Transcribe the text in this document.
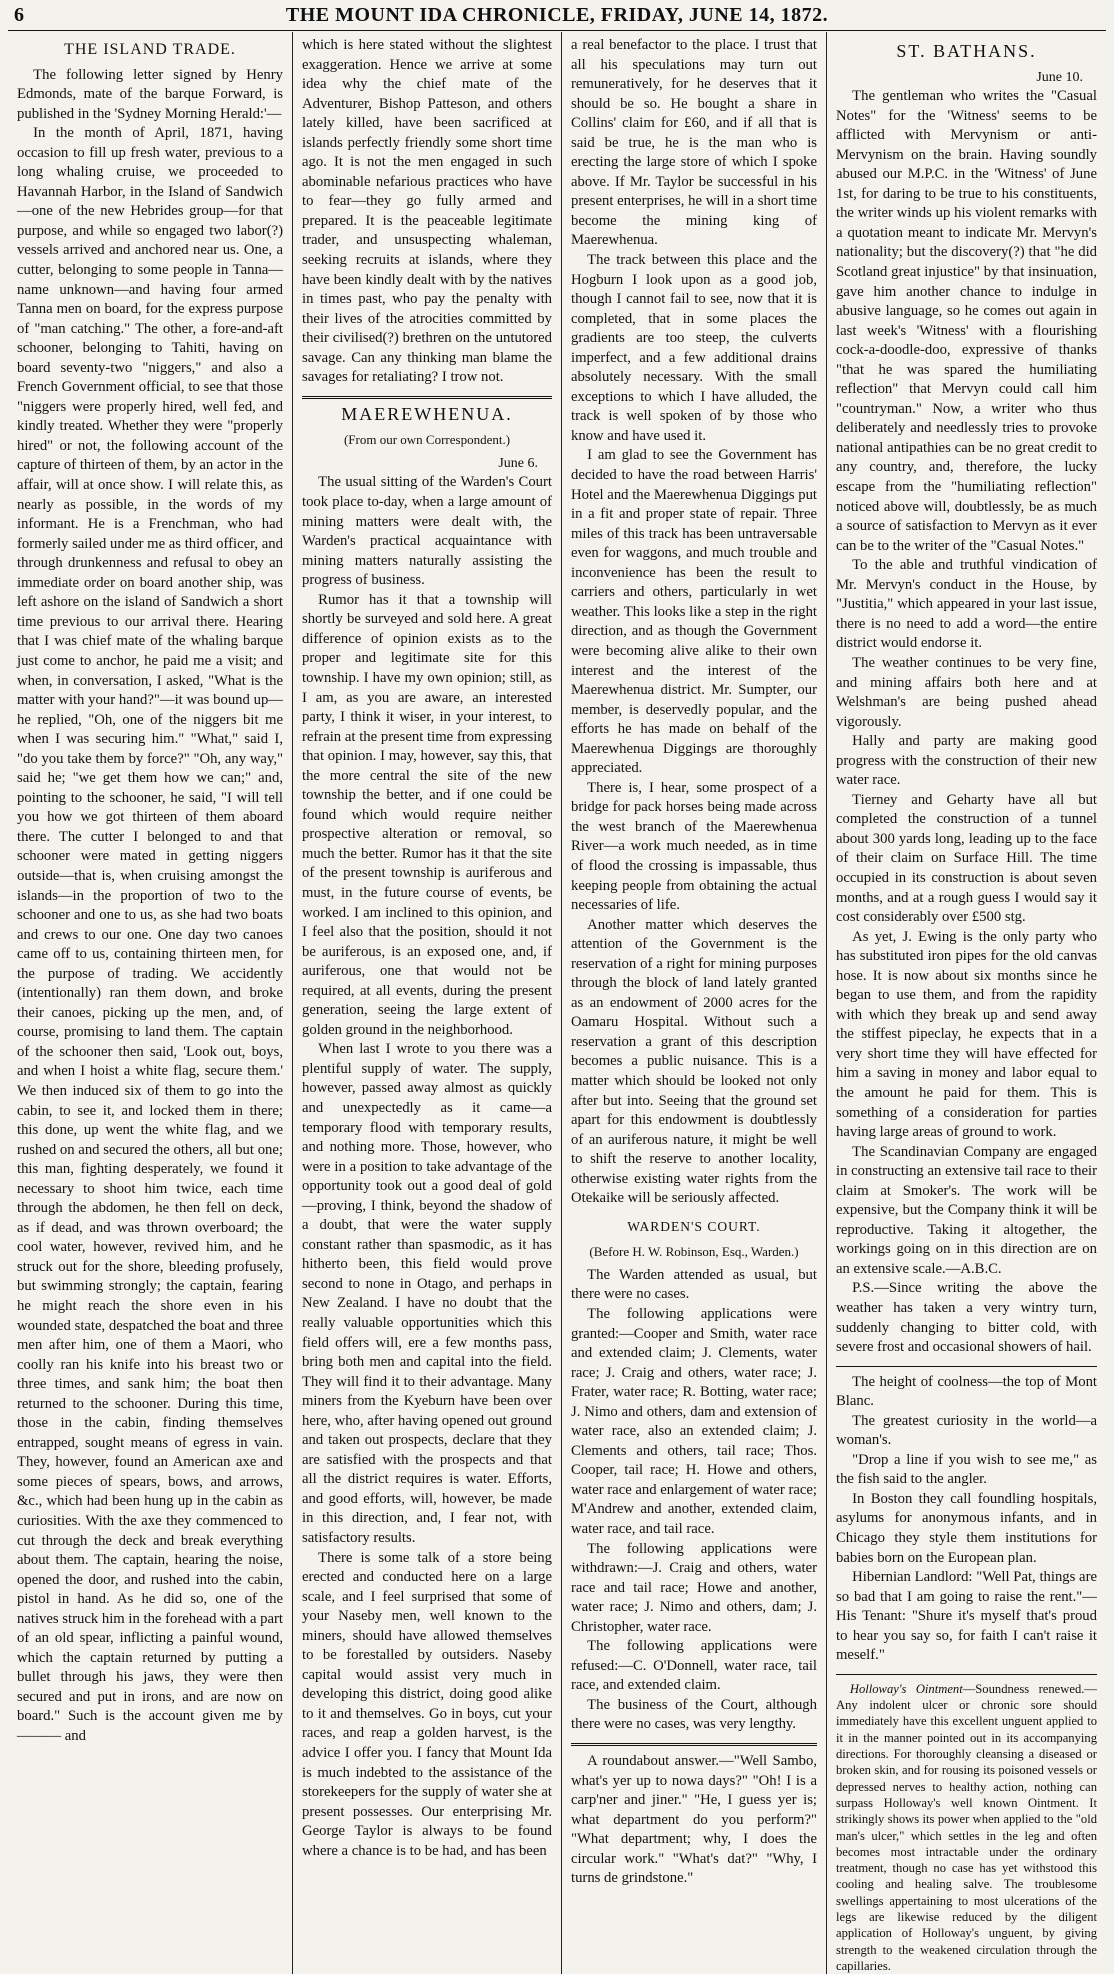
6	THE MOUNT IDA CHRONICLE, FRIDAY, JUNE 14, 1872.
THE ISLAND TRADE.

The following letter signed by Henry Edmonds, mate of the barque Forward, is published in the 'Sydney Morning Herald:'—

In the month of April, 1871, having occasion to fill up fresh water, previous to a long whaling cruise, we proceeded to Havannah Harbor, in the Island of Sandwich—one of the new Hebrides group—for that purpose, and while so engaged two labor(?) vessels arrived and anchored near us. One, a cutter, belonging to some people in Tanna—name unknown—and having four armed Tanna men on board, for the express purpose of "man catching." The other, a fore-and-aft schooner, belonging to Tahiti, having on board seventy-two "niggers," and also a French Government official, to see that those "niggers were properly hired, well fed, and kindly treated. Whether they were "properly hired" or not, the following account of the capture of thirteen of them, by an actor in the affair, will at once show. I will relate this, as nearly as possible, in the words of my informant. He is a Frenchman, who had formerly sailed under me as third officer, and through drunkenness and refusal to obey an immediate order on board another ship, was left ashore on the island of Sandwich a short time previous to our arrival there. Hearing that I was chief mate of the whaling barque just come to anchor, he paid me a visit; and when, in conversation, I asked, "What is the matter with your hand?"—it was bound up—he replied, "Oh, one of the niggers bit me when I was securing him." "What," said I, "do you take them by force?" "Oh, any way," said he; "we get them how we can;" and, pointing to the schooner, he said, "I will tell you how we got thirteen of them aboard there. The cutter I belonged to and that schooner were mated in getting niggers outside—that is, when cruising amongst the islands—in the proportion of two to the schooner and one to us, as she had two boats and crews to our one. One day two canoes came off to us, containing thirteen men, for the purpose of trading. We accidently (intentionally) ran them down, and broke their canoes, picking up the men, and, of course, promising to land them. The captain of the schooner then said, 'Look out, boys, and when I hoist a white flag, secure them.' We then induced six of them to go into the cabin, to see it, and locked them in there; this done, up went the white flag, and we rushed on and secured the others, all but one; this man, fighting desperately, we found it necessary to shoot him twice, each time through the abdomen, he then fell on deck, as if dead, and was thrown overboard; the cool water, however, revived him, and he struck out for the shore, bleeding profusely, but swimming strongly; the captain, fearing he might reach the shore even in his wounded state, despatched the boat and three men after him, one of them a Maori, who coolly ran his knife into his breast two or three times, and sank him; the boat then returned to the schooner. During this time, those in the cabin, finding themselves entrapped, sought means of egress in vain. They, however, found an American axe and some pieces of spears, bows, and arrows, &c., which had been hung up in the cabin as curiosities. With the axe they commenced to cut through the deck and break everything about them. The captain, hearing the noise, opened the door, and rushed into the cabin, pistol in hand. As he did so, one of the natives struck him in the forehead with a part of an old spear, inflicting a painful wound, which the captain returned by putting a bullet through his jaws, they were then secured and put in irons, and are now on board." Such is the account given me by ——— and

which is here stated without the slightest exaggeration. Hence we arrive at some idea why the chief mate of the Adventurer, Bishop Patteson, and others lately killed, have been sacrificed at islands perfectly friendly some short time ago. It is not the men engaged in such abominable nefarious practices who have to fear—they go fully armed and prepared. It is the peaceable legitimate trader, and unsuspecting whaleman, seeking recruits at islands, where they have been kindly dealt with by the natives in times past, who pay the penalty with their lives of the atrocities committed by their civilised(?) brethren on the untutored savage. Can any thinking man blame the savages for retaliating? I trow not.

MAEREWHENUA.
(From our own Correspondent.)
June 6.

The usual sitting of the Warden's Court took place to-day, when a large amount of mining matters were dealt with, the Warden's practical acquaintance with mining matters naturally assisting the progress of business.

Rumor has it that a township will shortly be surveyed and sold here. A great difference of opinion exists as to the proper and legitimate site for this township. I have my own opinion; still, as I am, as you are aware, an interested party, I think it wiser, in your interest, to refrain at the present time from expressing that opinion. I may, however, say this, that the more central the site of the new township the better, and if one could be found which would require neither prospective alteration or removal, so much the better. Rumor has it that the site of the present township is auriferous and must, in the future course of events, be worked. I am inclined to this opinion, and I feel also that the position, should it not be auriferous, is an exposed one, and, if auriferous, one that would not be required, at all events, during the present generation, seeing the large extent of golden ground in the neighborhood.

When last I wrote to you there was a plentiful supply of water. The supply, however, passed away almost as quickly and unexpectedly as it came—a temporary flood with temporary results, and nothing more. Those, however, who were in a position to take advantage of the opportunity took out a good deal of gold—proving, I think, beyond the shadow of a doubt, that were the water supply constant rather than spasmodic, as it has hitherto been, this field would prove second to none in Otago, and perhaps in New Zealand. I have no doubt that the really valuable opportunities which this field offers will, ere a few months pass, bring both men and capital into the field. They will find it to their advantage. Many miners from the Kyeburn have been over here, who, after having opened out ground and taken out prospects, declare that they are satisfied with the prospects and that all the district requires is water. Efforts, and good efforts, will, however, be made in this direction, and, I fear not, with satisfactory results.

There is some talk of a store being erected and conducted here on a large scale, and I feel surprised that some of your Naseby men, well known to the miners, should have allowed themselves to be forestalled by outsiders. Naseby capital would assist very much in developing this district, doing good alike to it and themselves. Go in boys, cut your races, and reap a golden harvest, is the advice I offer you. I fancy that Mount Ida is much indebted to the assistance of the storekeepers for the supply of water she at present possesses. Our enterprising Mr. George Taylor is always to be found where a chance is to be had, and has been

a real benefactor to the place. I trust that all his speculations may turn out remuneratively, for he deserves that it should be so. He bought a share in Collins' claim for £60, and if all that is said be true, he is the man who is erecting the large store of which I spoke above. If Mr. Taylor be successful in his present enterprises, he will in a short time become the mining king of Maerewhenua.

The track between this place and the Hogburn I look upon as a good job, though I cannot fail to see, now that it is completed, that in some places the gradients are too steep, the culverts imperfect, and a few additional drains absolutely necessary. With the small exceptions to which I have alluded, the track is well spoken of by those who know and have used it.

I am glad to see the Government has decided to have the road between Harris' Hotel and the Maerewhenua Diggings put in a fit and proper state of repair. Three miles of this track has been untraversable even for waggons, and much trouble and inconvenience has been the result to carriers and others, particularly in wet weather. This looks like a step in the right direction, and as though the Government were becoming alive alike to their own interest and the interest of the Maerewhenua district. Mr. Sumpter, our member, is deservedly popular, and the efforts he has made on behalf of the Maerewhenua Diggings are thoroughly appreciated.

There is, I hear, some prospect of a bridge for pack horses being made across the west branch of the Maerewhenua River—a work much needed, as in time of flood the crossing is impassable, thus keeping people from obtaining the actual necessaries of life.

Another matter which deserves the attention of the Government is the reservation of a right for mining purposes through the block of land lately granted as an endowment of 2000 acres for the Oamaru Hospital. Without such a reservation a grant of this description becomes a public nuisance. This is a matter which should be looked not only after but into. Seeing that the ground set apart for this endowment is doubtlessly of an auriferous nature, it might be well to shift the reserve to another locality, otherwise existing water rights from the Otekaike will be seriously affected.

WARDEN'S COURT.
(Before H. W. Robinson, Esq., Warden.)

The Warden attended as usual, but there were no cases.

The following applications were granted:—Cooper and Smith, water race and extended claim; J. Clements, water race; J. Craig and others, water race; J. Frater, water race; R. Botting, water race; J. Nimo and others, dam and extension of water race, also an extended claim; J. Clements and others, tail race; Thos. Cooper, tail race; H. Howe and others, water race and enlargement of water race; M'Andrew and another, extended claim, water race, and tail race.

The following applications were withdrawn:—J. Craig and others, water race and tail race; Howe and another, water race; J. Nimo and others, dam; J. Christopher, water race.

The following applications were refused:—C. O'Donnell, water race, tail race, and extended claim.

The business of the Court, although there were no cases, was very lengthy.

A roundabout answer.—"Well Sambo, what's yer up to nowa days?" "Oh! I is a carp'ner and jiner." "He, I guess yer is; what department do you perform?" "What department; why, I does the circular work." "What's dat?" "Why, I turns de grindstone."

ST. BATHANS.
June 10.

The gentleman who writes the "Casual Notes" for the 'Witness' seems to be afflicted with Mervynism or anti-Mervynism on the brain. Having soundly abused our M.P.C. in the 'Witness' of June 1st, for daring to be true to his constituents, the writer winds up his violent remarks with a quotation meant to indicate Mr. Mervyn's nationality; but the discovery(?) that "he did Scotland great injustice" by that insinuation, gave him another chance to indulge in abusive language, so he comes out again in last week's 'Witness' with a flourishing cock-a-doodle-doo, expressive of thanks "that he was spared the humiliating reflection" that Mervyn could call him "countryman." Now, a writer who thus deliberately and needlessly tries to provoke national antipathies can be no great credit to any country, and, therefore, the lucky escape from the "humiliating reflection" noticed above will, doubtlessly, be as much a source of satisfaction to Mervyn as it ever can be to the writer of the "Casual Notes."

To the able and truthful vindication of Mr. Mervyn's conduct in the House, by "Justitia," which appeared in your last issue, there is no need to add a word—the entire district would endorse it.

The weather continues to be very fine, and mining affairs both here and at Welshman's are being pushed ahead vigorously.

Hally and party are making good progress with the construction of their new water race.

Tierney and Geharty have all but completed the construction of a tunnel about 300 yards long, leading up to the face of their claim on Surface Hill. The time occupied in its construction is about seven months, and at a rough guess I would say it cost considerably over £500 stg.

As yet, J. Ewing is the only party who has substituted iron pipes for the old canvas hose. It is now about six months since he began to use them, and from the rapidity with which they break up and send away the stiffest pipeclay, he expects that in a very short time they will have effected for him a saving in money and labor equal to the amount he paid for them. This is something of a consideration for parties having large areas of ground to work.

The Scandinavian Company are engaged in constructing an extensive tail race to their claim at Smoker's. The work will be expensive, but the Company think it will be reproductive. Taking it altogether, the workings going on in this direction are on an extensive scale.—A.B.C.

P.S.—Since writing the above the weather has taken a very wintry turn, suddenly changing to bitter cold, with severe frost and occasional showers of hail.

The height of coolness—the top of Mont Blanc.

The greatest curiosity in the world—a woman's.

"Drop a line if you wish to see me," as the fish said to the angler.

In Boston they call foundling hospitals, asylums for anonymous infants, and in Chicago they style them institutions for babies born on the European plan.

Hibernian Landlord: "Well Pat, things are so bad that I am going to raise the rent."—His Tenant: "Shure it's myself that's proud to hear you say so, for faith I can't raise it meself."

Holloway's Ointment—Soundness renewed.—Any indolent ulcer or chronic sore should immediately have this excellent unguent applied to it in the manner pointed out in its accompanying directions. For thoroughly cleansing a diseased or broken skin, and for rousing its poisoned vessels or depressed nerves to healthy action, nothing can surpass Holloway's well known Ointment. It strikingly shows its power when applied to the "old man's ulcer," which settles in the leg and often becomes most intractable under the ordinary treatment, though no case has yet withstood this cooling and healing salve. The troublesome swellings appertaining to most ulcerations of the legs are likewise reduced by the diligent application of Holloway's unguent, by giving strength to the weakened circulation through the capillaries.
